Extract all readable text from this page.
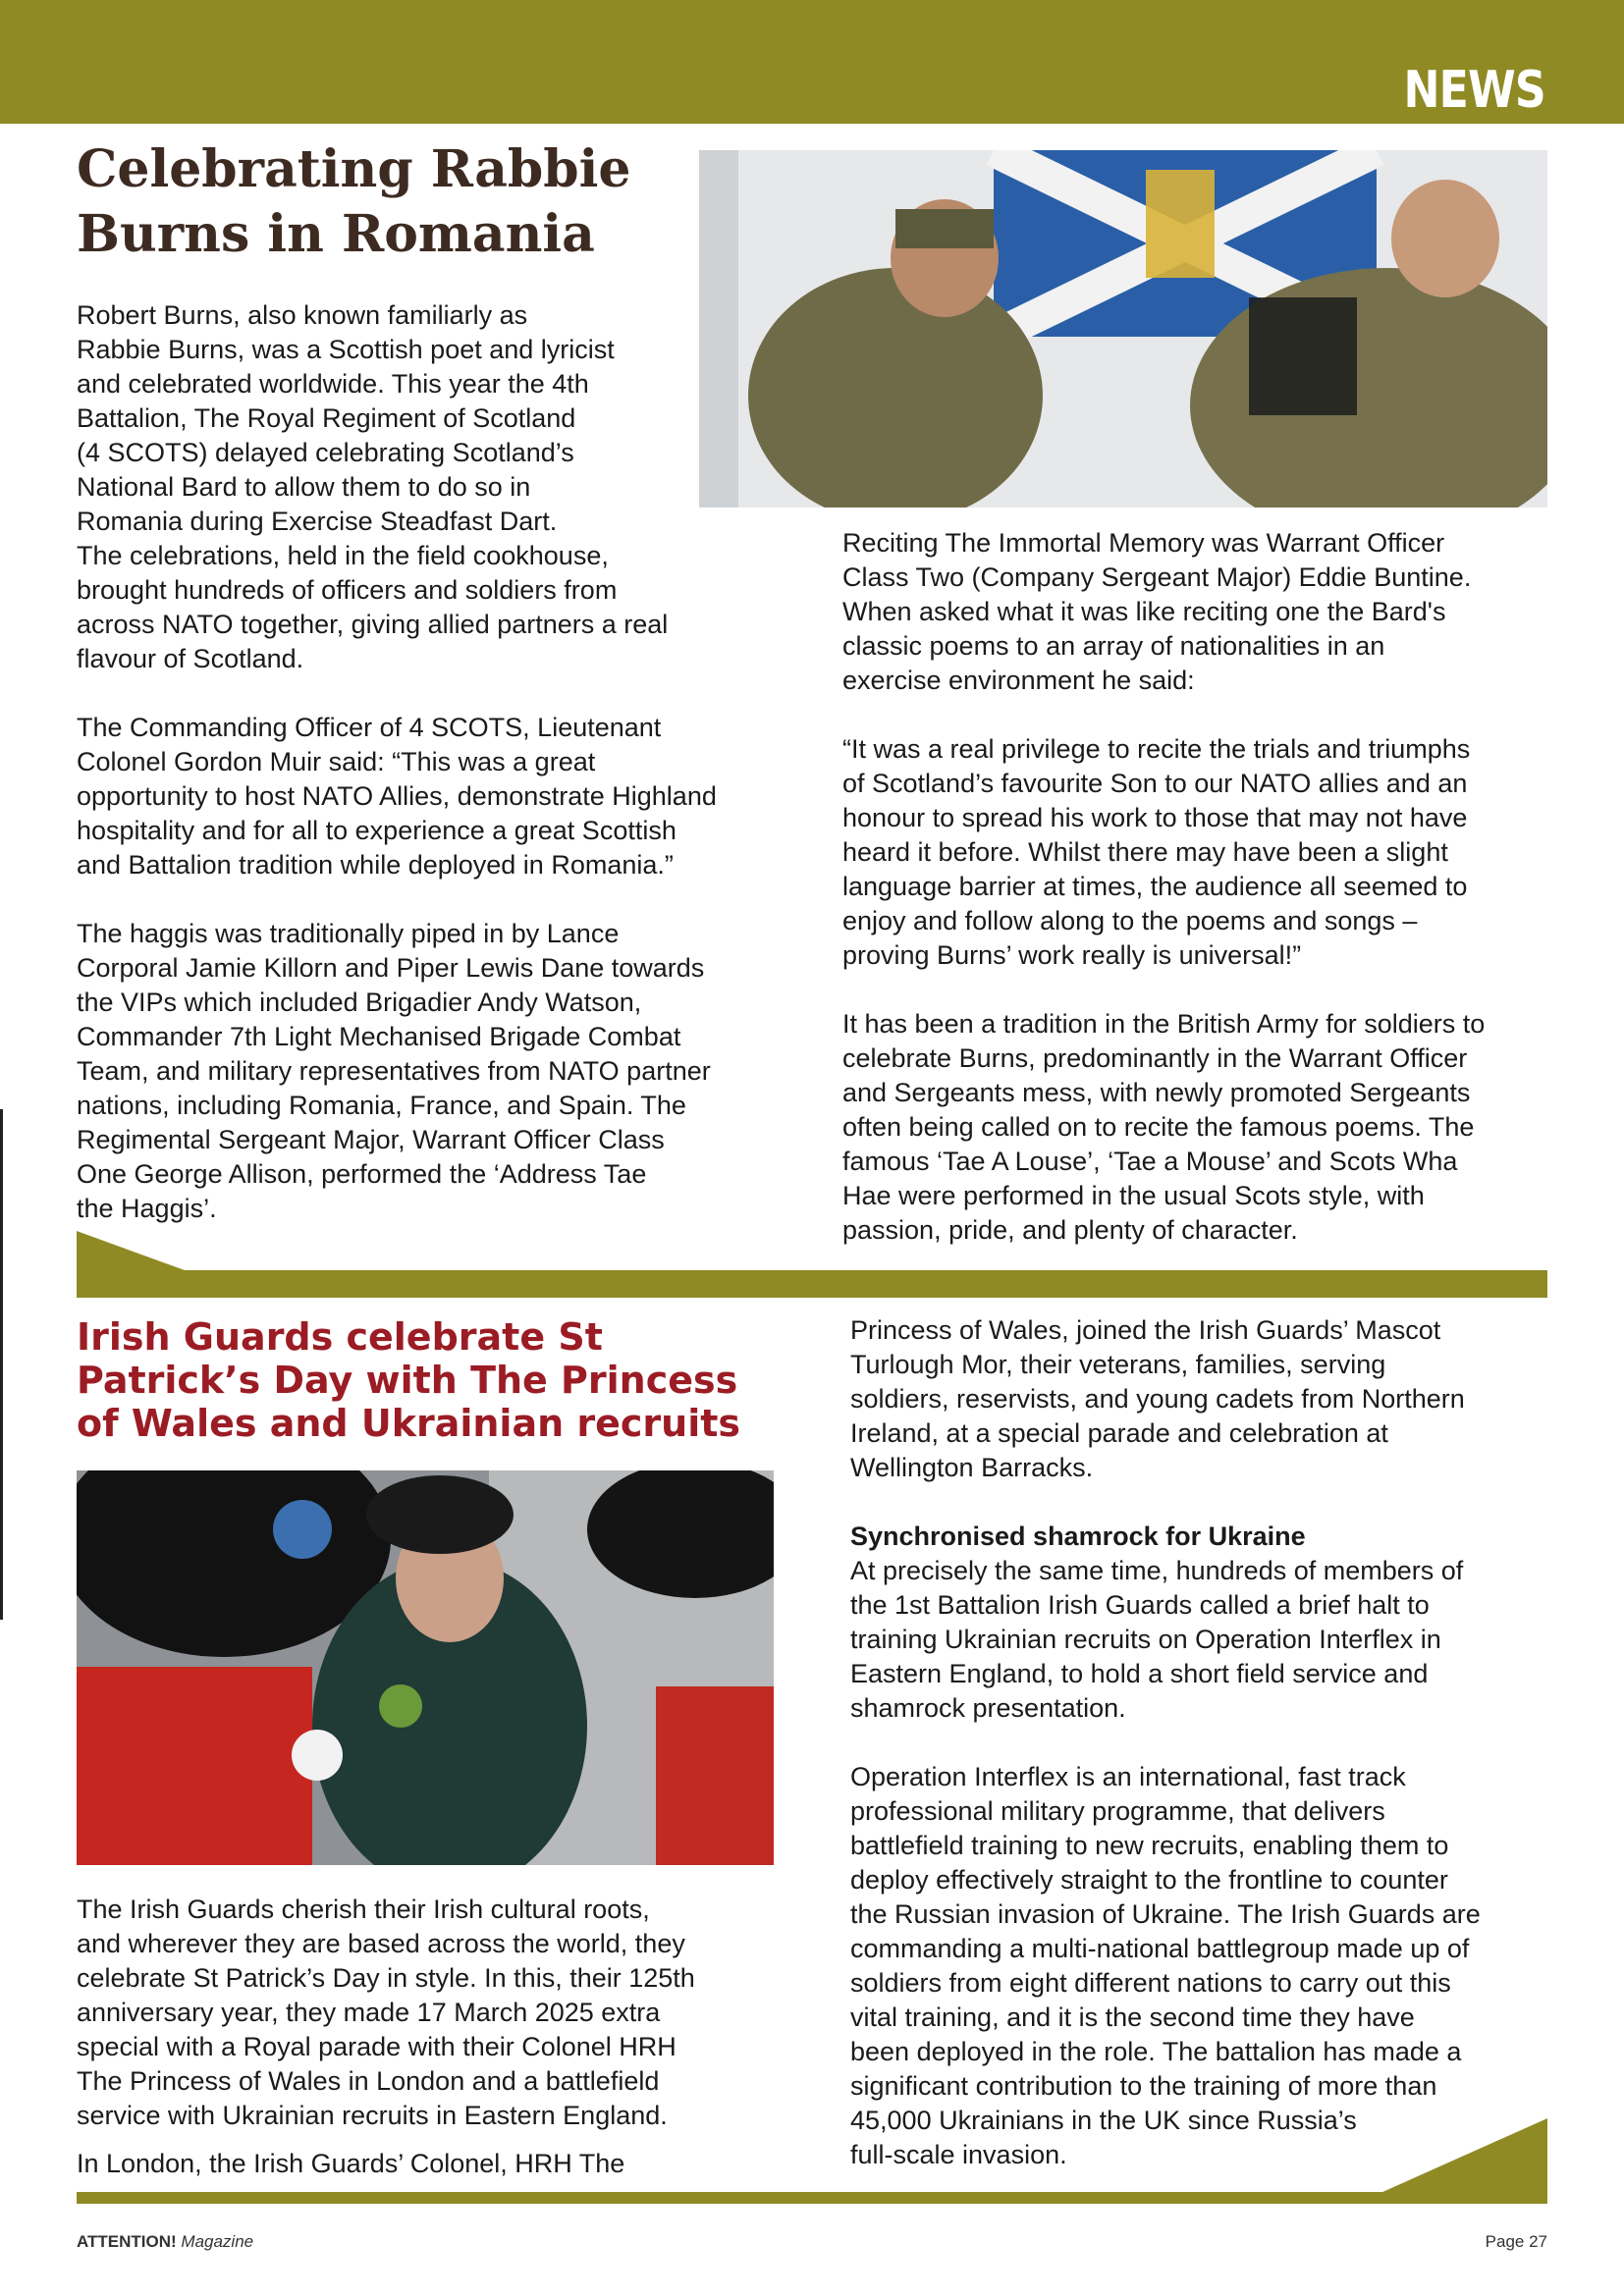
NEWS
Celebrating Rabbie Burns in Romania

Robert Burns, also known familiarly as
Rabbie Burns, was a Scottish poet and lyricist
and celebrated worldwide. This year the 4th
Battalion, The Royal Regiment of Scotland
(4 SCOTS) delayed celebrating Scotland’s
National Bard to allow them to do so in
Romania during Exercise Steadfast Dart.
The celebrations, held in the field cookhouse,
brought hundreds of officers and soldiers from
across NATO together, giving allied partners a real
flavour of Scotland.

The Commanding Officer of 4 SCOTS, Lieutenant
Colonel Gordon Muir said: “This was a great
opportunity to host NATO Allies, demonstrate Highland
hospitality and for all to experience a great Scottish
and Battalion tradition while deployed in Romania.”

The haggis was traditionally piped in by Lance
Corporal Jamie Killorn and Piper Lewis Dane towards
the VIPs which included Brigadier Andy Watson,
Commander 7th Light Mechanised Brigade Combat
Team, and military representatives from NATO partner
nations, including Romania, France, and Spain. The
Regimental Sergeant Major, Warrant Officer Class
One George Allison, performed the ‘Address Tae
the Haggis’.

Reciting The Immortal Memory was Warrant Officer
Class Two (Company Sergeant Major) Eddie Buntine.
When asked what it was like reciting one the Bard's
classic poems to an array of nationalities in an
exercise environment he said:

“It was a real privilege to recite the trials and triumphs
of Scotland’s favourite Son to our NATO allies and an
honour to spread his work to those that may not have
heard it before. Whilst there may have been a slight
language barrier at times, the audience all seemed to
enjoy and follow along to the poems and songs –
proving Burns’ work really is universal!”

It has been a tradition in the British Army for soldiers to
celebrate Burns, predominantly in the Warrant Officer
and Sergeants mess, with newly promoted Sergeants
often being called on to recite the famous poems. The
famous ‘Tae A Louse’, ‘Tae a Mouse’ and Scots Wha
Hae were performed in the usual Scots style, with
passion, pride, and plenty of character.

Irish Guards celebrate St Patrick’s Day with The Princess of Wales and Ukrainian recruits

The Irish Guards cherish their Irish cultural roots,
and wherever they are based across the world, they
celebrate St Patrick’s Day in style. In this, their 125th
anniversary year, they made 17 March 2025 extra
special with a Royal parade with their Colonel HRH
The Princess of Wales in London and a battlefield
service with Ukrainian recruits in Eastern England.

In London, the Irish Guards’ Colonel, HRH The

Princess of Wales, joined the Irish Guards’ Mascot
Turlough Mor, their veterans, families, serving
soldiers, reservists, and young cadets from Northern
Ireland, at a special parade and celebration at
Wellington Barracks.

Synchronised shamrock for Ukraine

At precisely the same time, hundreds of members of
the 1st Battalion Irish Guards called a brief halt to
training Ukrainian recruits on Operation Interflex in
Eastern England, to hold a short field service and
shamrock presentation.

Operation Interflex is an international, fast track
professional military programme, that delivers
battlefield training to new recruits, enabling them to
deploy effectively straight to the frontline to counter
the Russian invasion of Ukraine. The Irish Guards are
commanding a multi-national battlegroup made up of
soldiers from eight different nations to carry out this
vital training, and it is the second time they have
been deployed in the role. The battalion has made a
significant contribution to the training of more than
45,000 Ukrainians in the UK since Russia’s
full-scale invasion.

ATTENTION! Magazine	Page 27
